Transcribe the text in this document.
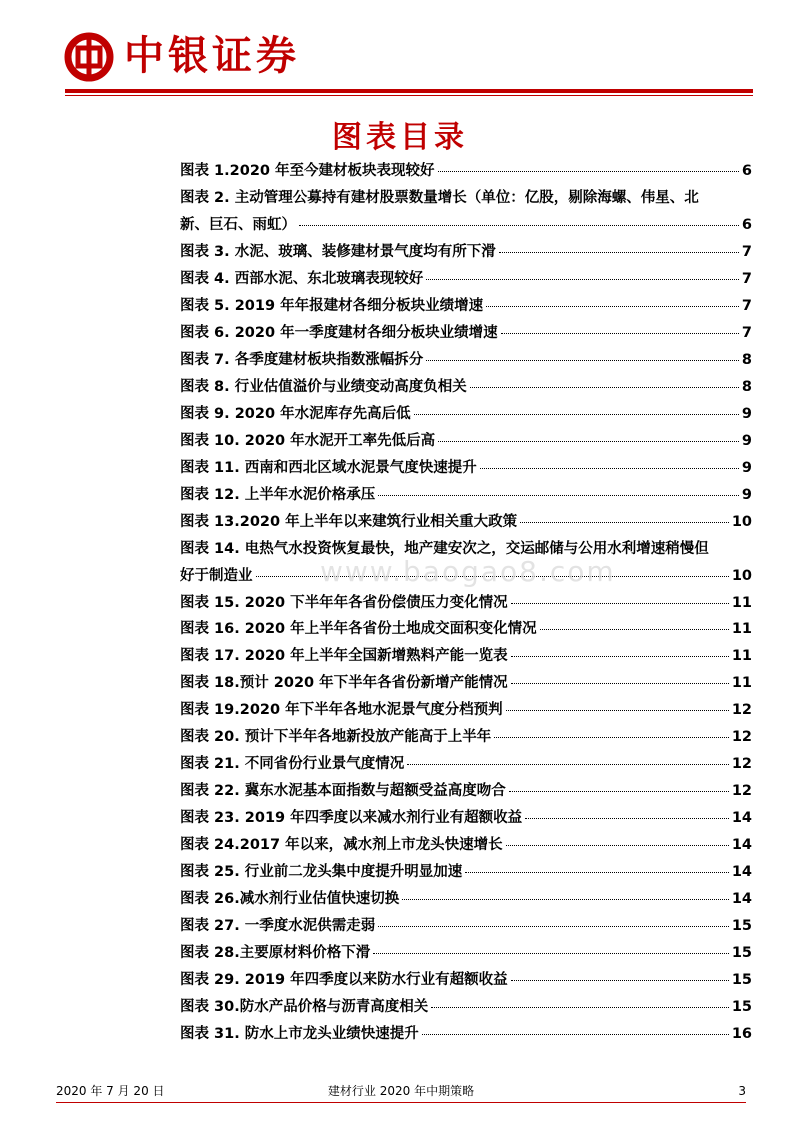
中银证券
图表目录
图表 1.2020 年至今建材板块表现较好	6
图表 2. 主动管理公募持有建材股票数量增长（单位：亿股，剔除海螺、伟星、北
新、巨石、雨虹）	6
图表 3. 水泥、玻璃、装修建材景气度均有所下滑	7
图表 4. 西部水泥、东北玻璃表现较好	7
图表 5. 2019 年年报建材各细分板块业绩增速	7
图表 6. 2020 年一季度建材各细分板块业绩增速	7
图表 7. 各季度建材板块指数涨幅拆分	8
图表 8. 行业估值溢价与业绩变动高度负相关	8
图表 9. 2020 年水泥库存先高后低	9
图表 10. 2020 年水泥开工率先低后高	9
图表 11. 西南和西北区域水泥景气度快速提升	9
图表 12. 上半年水泥价格承压	9
图表 13.2020 年上半年以来建筑行业相关重大政策	10
图表 14. 电热气水投资恢复最快，地产建安次之，交运邮储与公用水利增速稍慢但
好于制造业	10
图表 15. 2020 下半年年各省份偿债压力变化情况	11
图表 16. 2020 年上半年各省份土地成交面积变化情况	11
图表 17. 2020 年上半年全国新增熟料产能一览表	11
图表 18.预计 2020 年下半年各省份新增产能情况	11
图表 19.2020 年下半年各地水泥景气度分档预判	12
图表 20. 预计下半年各地新投放产能高于上半年	12
图表 21. 不同省份行业景气度情况	12
图表 22. 冀东水泥基本面指数与超额受益高度吻合	12
图表 23. 2019 年四季度以来减水剂行业有超额收益	14
图表 24.2017 年以来，减水剂上市龙头快速增长	14
图表 25. 行业前二龙头集中度提升明显加速	14
图表 26.减水剂行业估值快速切换	14
图表 27. 一季度水泥供需走弱	15
图表 28.主要原材料价格下滑	15
图表 29. 2019 年四季度以来防水行业有超额收益	15
图表 30.防水产品价格与沥青高度相关	15
图表 31. 防水上市龙头业绩快速提升	16
www.baogao8.com
2020 年 7 月 20 日	建材行业 2020 年中期策略	3
